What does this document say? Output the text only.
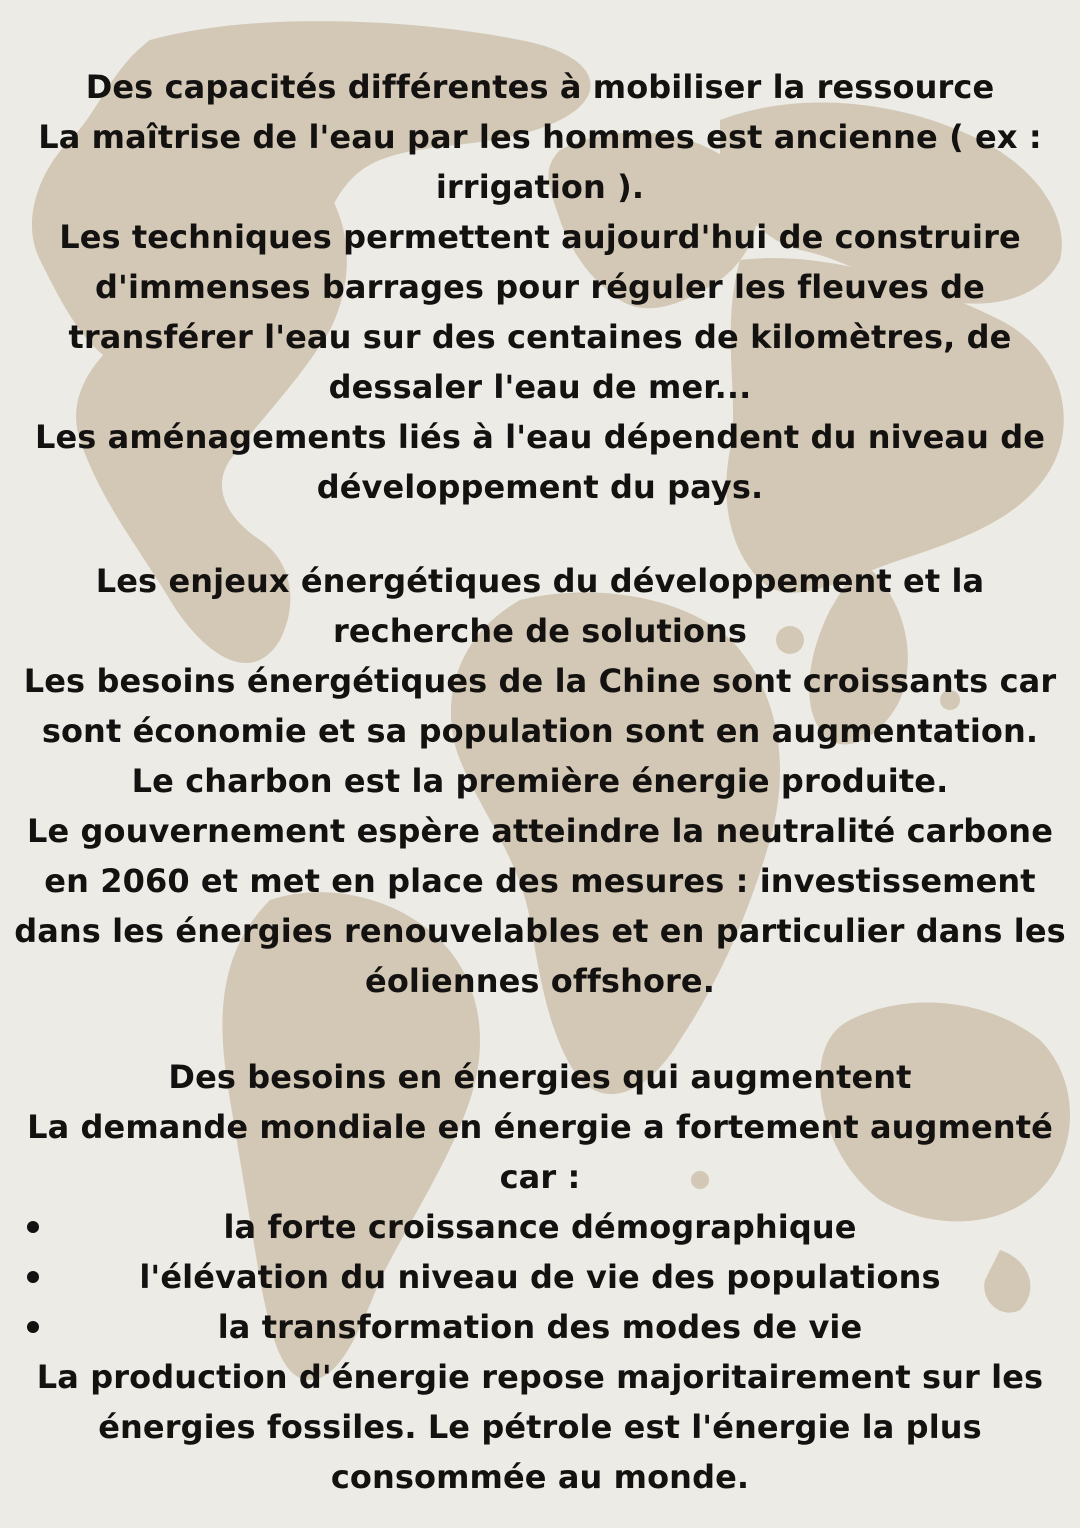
Des capacités différentes à mobiliser la ressource
La maîtrise de l'eau par les hommes est ancienne ( ex :
irrigation ).
Les techniques permettent aujourd'hui de construire
d'immenses barrages pour réguler les fleuves de
transférer l'eau sur des centaines de kilomètres, de
dessaler l'eau de mer...
Les aménagements liés à l'eau dépendent du niveau de
développement du pays.
Les enjeux énergétiques du développement et la
recherche de solutions
Les besoins énergétiques de la Chine sont croissants car
sont économie et sa population sont en augmentation.
Le charbon est la première énergie produite.
Le gouvernement espère atteindre la neutralité carbone
en 2060 et met en place des mesures : investissement
dans les énergies renouvelables et en particulier dans les
éoliennes offshore.
Des besoins en énergies qui augmentent
La demande mondiale en énergie a fortement augmenté
car :
la forte croissance démographique
l'élévation du niveau de vie des populations
la transformation des modes de vie
La production d'énergie repose majoritairement sur les
énergies fossiles. Le pétrole est l'énergie la plus
consommée au monde.
